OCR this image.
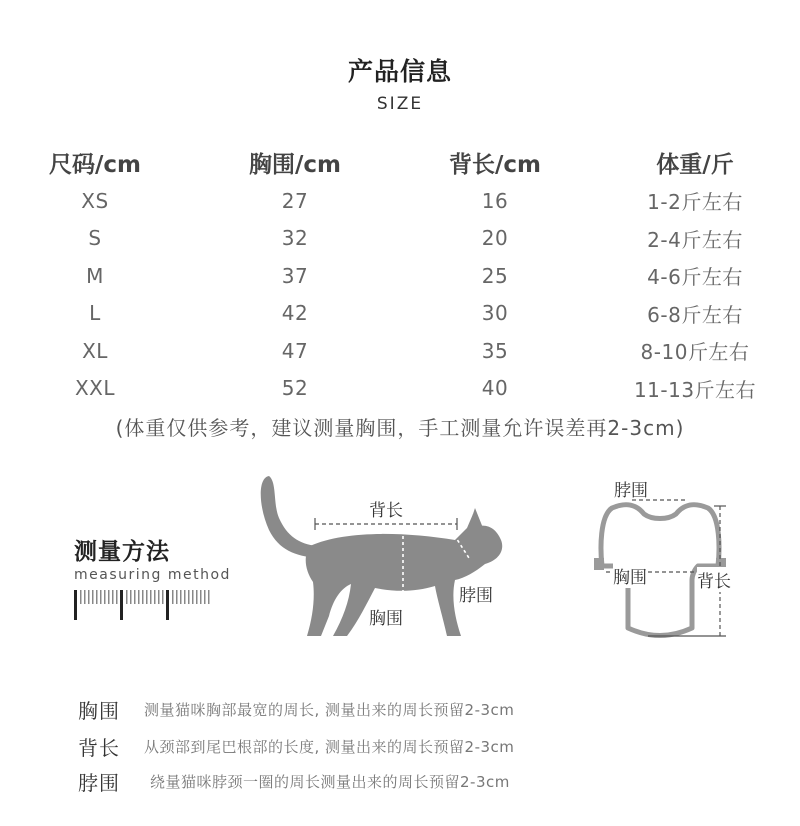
产品信息
SIZE
尺码/cm	胸围/cm	背长/cm	体重/斤
XS	27	16	1-2斤左右
S	32	20	2-4斤左右
M	37	25	4-6斤左右
L	42	30	6-8斤左右
XL	47	35	8-10斤左右
XXL	52	40	11-13斤左右
(体重仅供参考，建议测量胸围，手工测量允许误差再2-3cm)
测量方法
measuring method
背长
脖围
胸围
脖围
胸围	背长
胸围	测量猫咪胸部最宽的周长, 测量出来的周长预留2-3cm
背长	从颈部到尾巴根部的长度, 测量出来的周长预留2-3cm
脖围	绕量猫咪脖颈一圈的周长测量出来的周长预留2-3cm
